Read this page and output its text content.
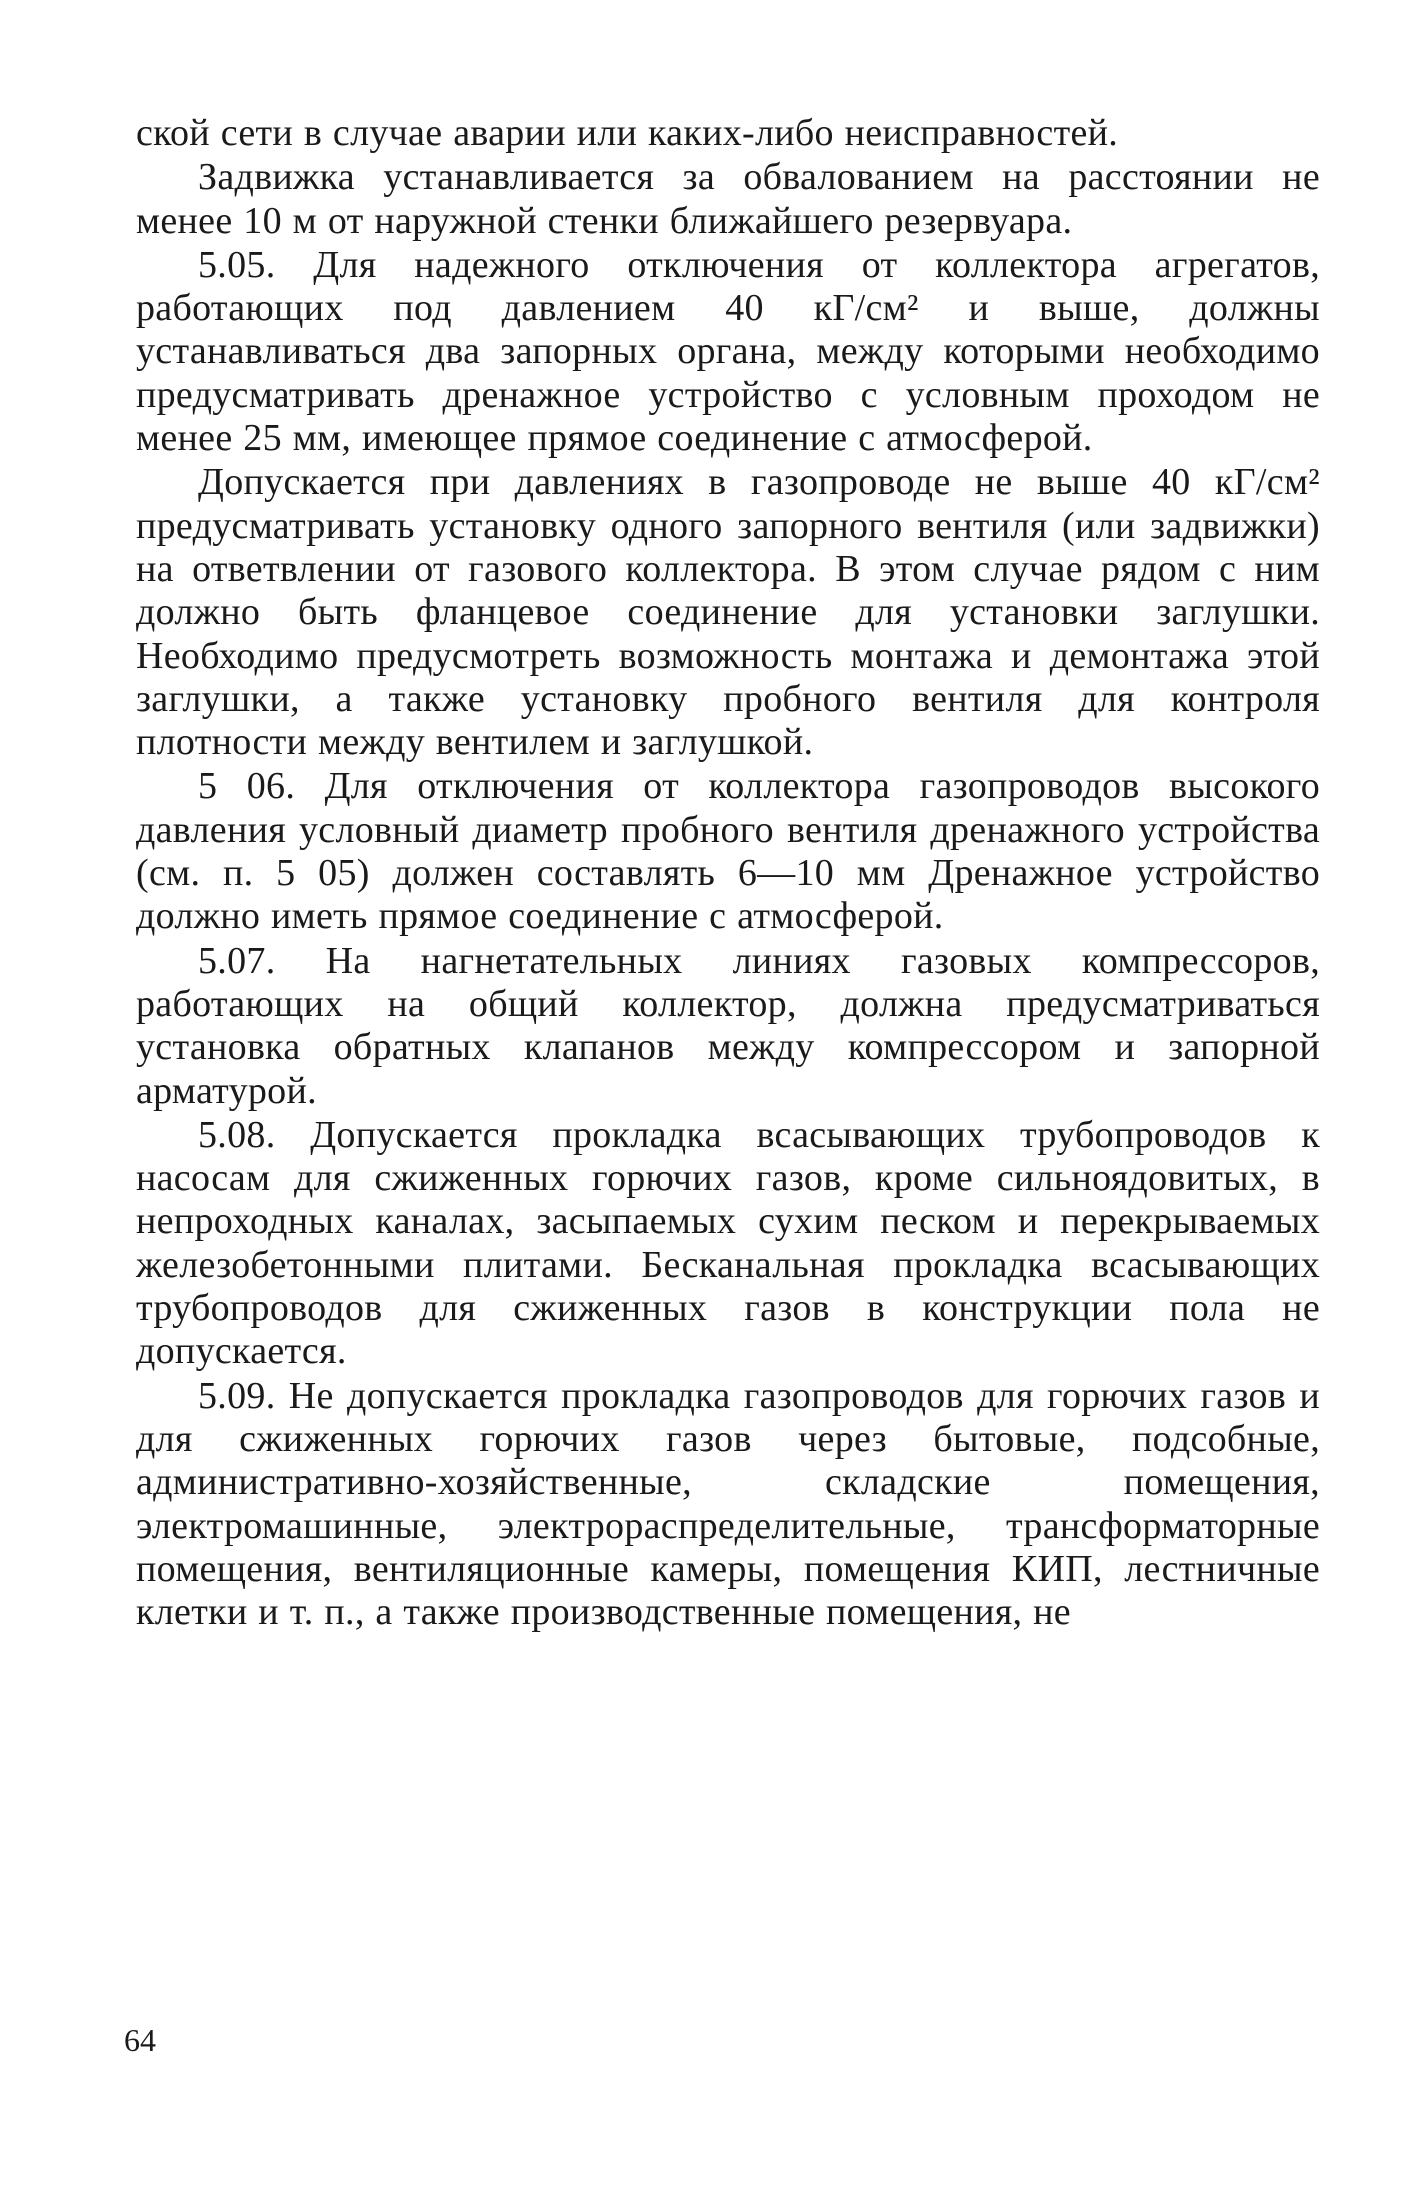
ской сети в случае аварии или каких-либо неисправностей.

Задвижка устанавливается за обвалованием на расстоянии не менее 10 м от наружной стенки ближайшего резервуара.

5.05. Для надежного отключения от коллектора агрегатов, работающих под давлением 40 кГ/см² и выше, должны устанавливаться два запорных органа, между которыми необходимо предусматривать дренажное устройство с условным проходом не менее 25 мм, имеющее прямое соединение с атмосферой.

Допускается при давлениях в газопроводе не выше 40 кГ/см² предусматривать установку одного запорного вентиля (или задвижки) на ответвлении от газового коллектора. В этом случае рядом с ним должно быть фланцевое соединение для установки заглушки. Необходимо предусмотреть возможность монтажа и демонтажа этой заглушки, а также установку пробного вентиля для контроля плотности между вентилем и заглушкой.

5 06. Для отключения от коллектора газопроводов высокого давления условный диаметр пробного вентиля дренажного устройства (см. п. 5 05) должен составлять 6—10 мм Дренажное устройство должно иметь прямое соединение с атмосферой.

5.07. На нагнетательных линиях газовых компрессоров, работающих на общий коллектор, должна предусматриваться установка обратных клапанов между компрессором и запорной арматурой.

5.08. Допускается прокладка всасывающих трубопроводов к насосам для сжиженных горючих газов, кроме сильноядовитых, в непроходных каналах, засыпаемых сухим песком и перекрываемых железобетонными плитами. Бесканальная прокладка всасывающих трубопроводов для сжиженных газов в конструкции пола не допускается.

5.09. Не допускается прокладка газопроводов для горючих газов и для сжиженных горючих газов через бытовые, подсобные, административно-хозяйственные, складские помещения, электромашинные, электрораспределительные, трансформаторные помещения, вентиляционные камеры, помещения КИП, лестничные клетки и т. п., а также производственные помещения, не

64
